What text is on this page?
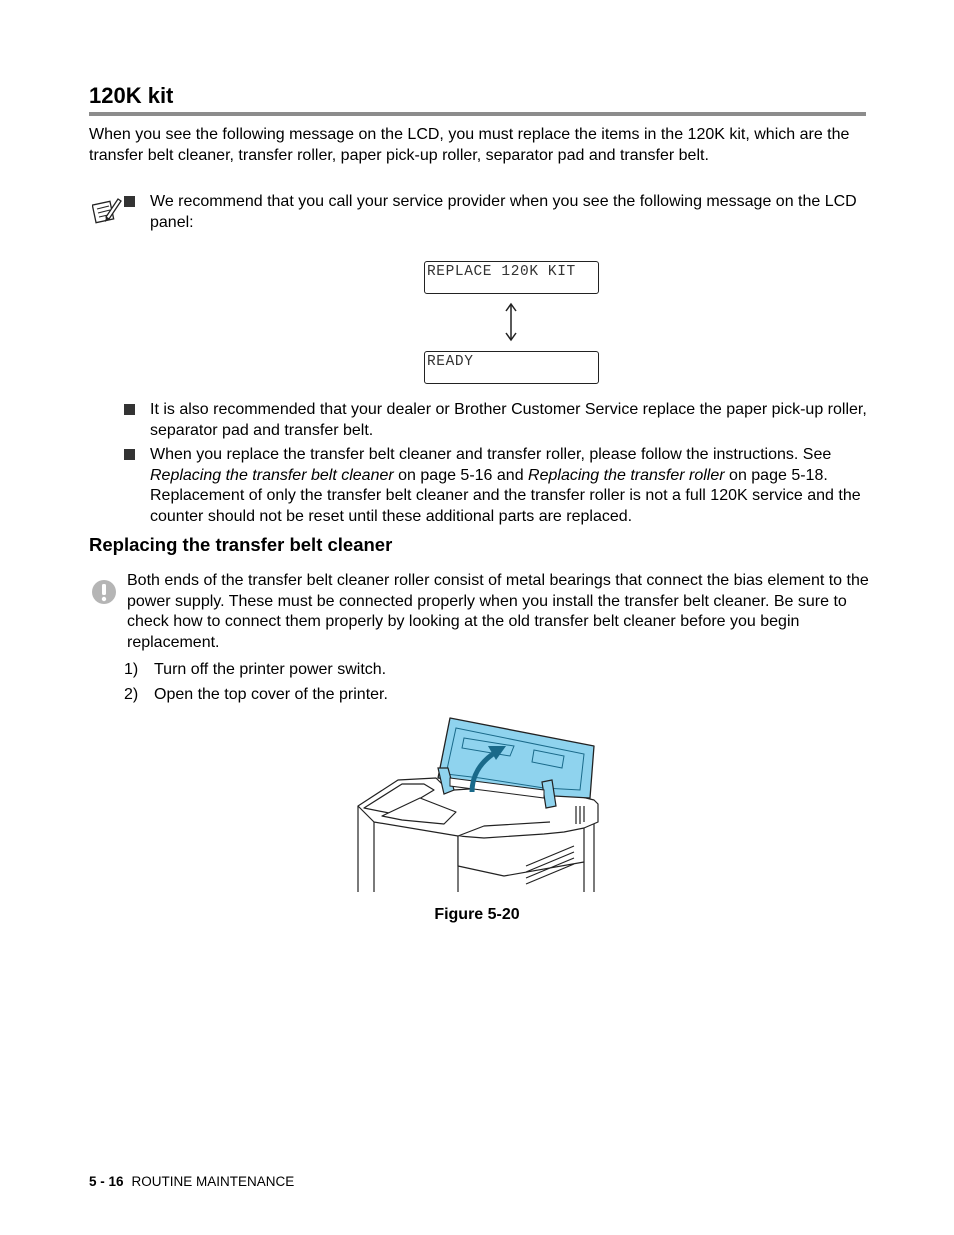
120K kit
When you see the following message on the LCD, you must replace the items in the 120K kit, which are the transfer belt cleaner, transfer roller, paper pick-up roller, separator pad and transfer belt.
We recommend that you call your service provider when you see the following message on the LCD panel:
REPLACE 120K KIT
READY
It is also recommended that your dealer or Brother Customer Service replace the paper pick-up roller, separator pad and transfer belt.
When you replace the transfer belt cleaner and transfer roller, please follow the instructions. See Replacing the transfer belt cleaner on page 5-16 and Replacing the transfer roller on page 5-18. Replacement of only the transfer belt cleaner and the transfer roller is not a full 120K service and the counter should not be reset until these additional parts are replaced.
Replacing the transfer belt cleaner
Both ends of the transfer belt cleaner roller consist of metal bearings that connect the bias element to the power supply. These must be connected properly when you install the transfer belt cleaner. Be sure to check how to connect them properly by looking at the old transfer belt cleaner before you begin replacement.
1) Turn off the printer power switch.
2) Open the top cover of the printer.
Figure 5-20
5 - 16 ROUTINE MAINTENANCE
